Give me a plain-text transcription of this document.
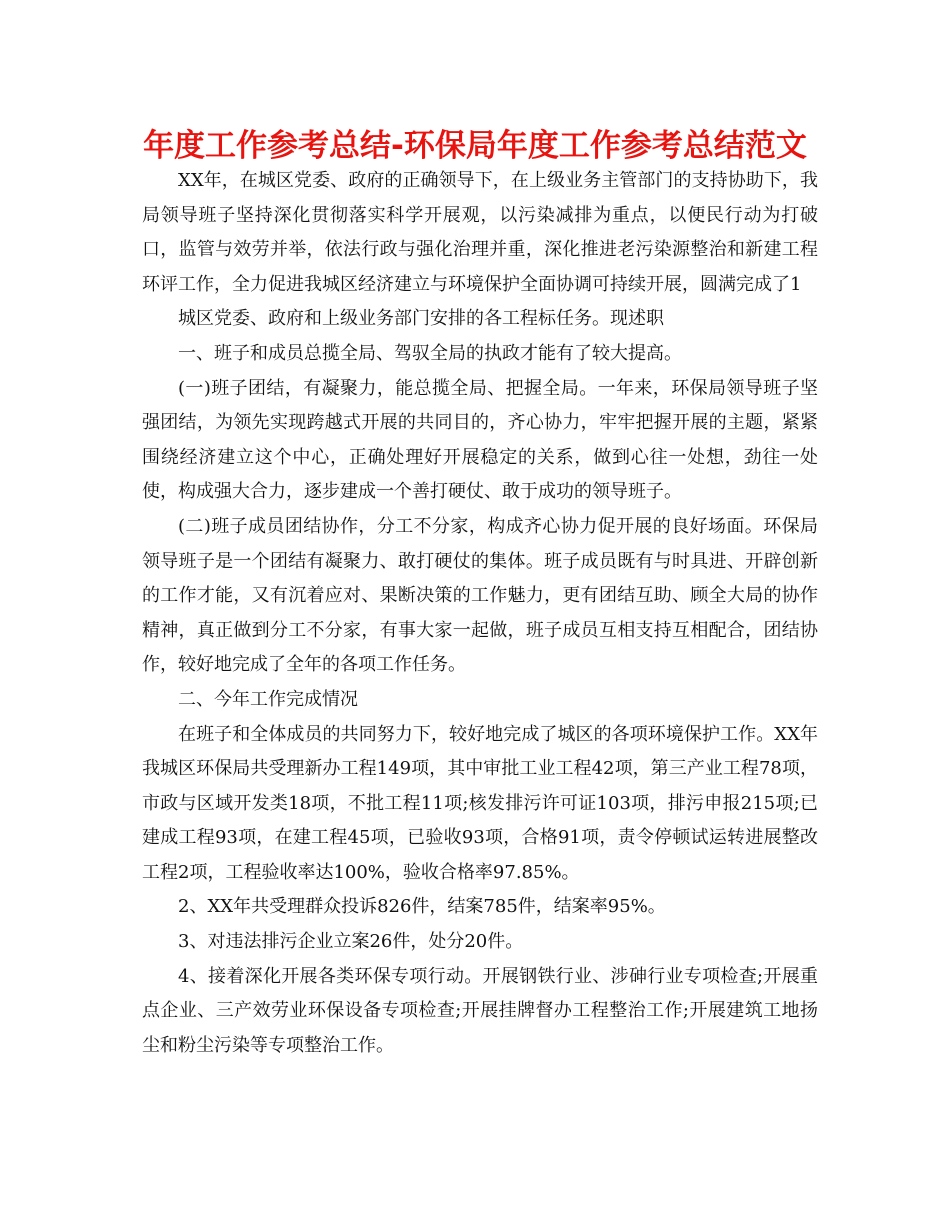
年度工作参考总结-环保局年度工作参考总结范文

XX年，在城区党委、政府的正确领导下，在上级业务主管部门的支持协助下，我局领导班子坚持深化贯彻落实科学开展观，以污染减排为重点，以便民行动为打破口，监管与效劳并举，依法行政与强化治理并重，深化推进老污染源整治和新建工程环评工作，全力促进我城区经济建立与环境保护全面协调可持续开展，圆满完成了1

城区党委、政府和上级业务部门安排的各工程标任务。现述职

一、班子和成员总揽全局、驾驭全局的执政才能有了较大提高。

(一)班子团结，有凝聚力，能总揽全局、把握全局。一年来，环保局领导班子坚强团结，为领先实现跨越式开展的共同目的，齐心协力，牢牢把握开展的主题，紧紧围绕经济建立这个中心，正确处理好开展稳定的关系，做到心往一处想，劲往一处使，构成强大合力，逐步建成一个善打硬仗、敢于成功的领导班子。

(二)班子成员团结协作，分工不分家，构成齐心协力促开展的良好场面。环保局领导班子是一个团结有凝聚力、敢打硬仗的集体。班子成员既有与时具进、开辟创新的工作才能，又有沉着应对、果断决策的工作魅力，更有团结互助、顾全大局的协作精神，真正做到分工不分家，有事大家一起做，班子成员互相支持互相配合，团结协作，较好地完成了全年的各项工作任务。

二、今年工作完成情况

在班子和全体成员的共同努力下，较好地完成了城区的各项环境保护工作。XX年我城区环保局共受理新办工程149项，其中审批工业工程42项，第三产业工程78项，市政与区域开发类18项，不批工程11项;核发排污许可证103项，排污申报215项;已建成工程93项，在建工程45项，已验收93项，合格91项，责令停顿试运转进展整改工程2项，工程验收率达100%，验收合格率97.85%。

2、XX年共受理群众投诉826件，结案785件，结案率95%。

3、对违法排污企业立案26件，处分20件。

4、接着深化开展各类环保专项行动。开展钢铁行业、涉砷行业专项检查;开展重点企业、三产效劳业环保设备专项检查;开展挂牌督办工程整治工作;开展建筑工地扬尘和粉尘污染等专项整治工作。
